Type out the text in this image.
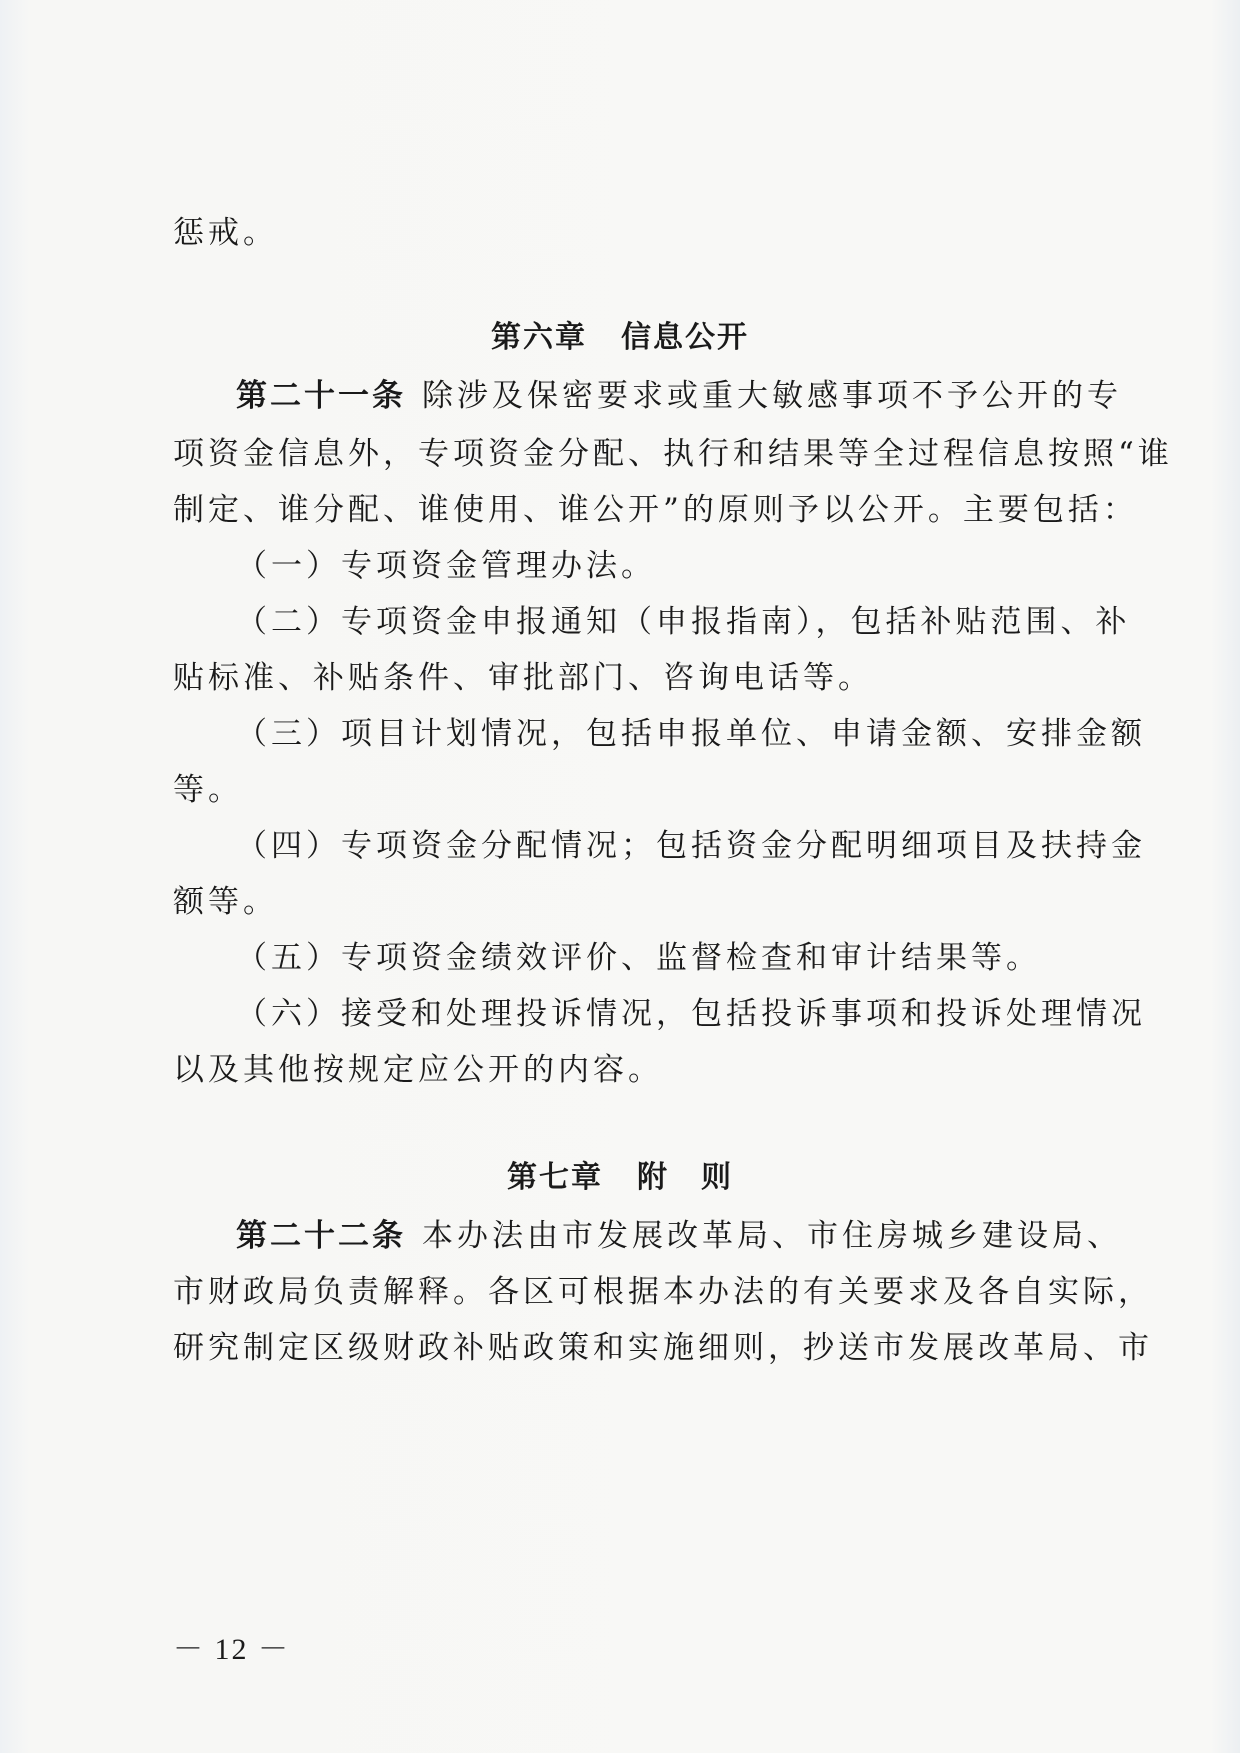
惩戒。
第六章 信息公开
第二十一条 除涉及保密要求或重大敏感事项不予公开的专
项资金信息外，专项资金分配、执行和结果等全过程信息按照“谁
制定、谁分配、谁使用、谁公开”的原则予以公开。主要包括：
（一）专项资金管理办法。
（二）专项资金申报通知（申报指南），包括补贴范围、补
贴标准、补贴条件、审批部门、咨询电话等。
（三）项目计划情况，包括申报单位、申请金额、安排金额
等。
（四）专项资金分配情况；包括资金分配明细项目及扶持金
额等。
（五）专项资金绩效评价、监督检查和审计结果等。
（六）接受和处理投诉情况，包括投诉事项和投诉处理情况
以及其他按规定应公开的内容。
第七章 附　则
第二十二条 本办法由市发展改革局、市住房城乡建设局、
市财政局负责解释。各区可根据本办法的有关要求及各自实际，
研究制定区级财政补贴政策和实施细则，抄送市发展改革局、市
－ 12 －
